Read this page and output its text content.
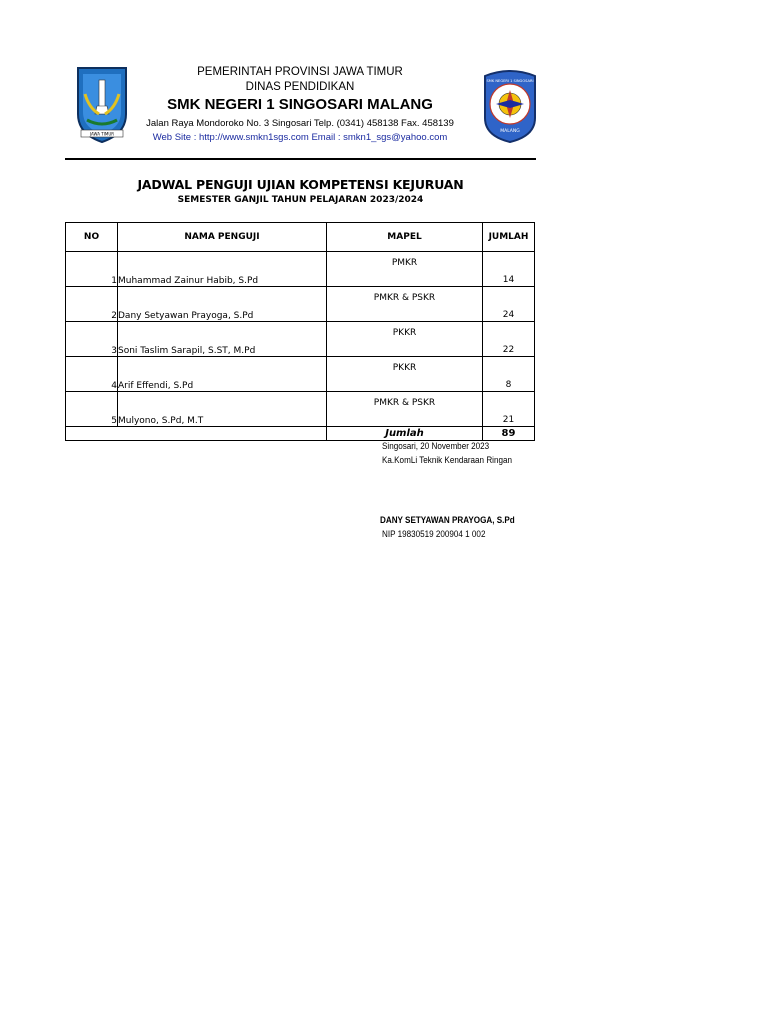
JAWA TIMUR
SMK NEGERI 1 SINGOSARI
MALANG
PEMERINTAH PROVINSI JAWA TIMUR
DINAS PENDIDIKAN
SMK NEGERI 1 SINGOSARI MALANG
Jalan Raya Mondoroko No. 3 Singosari Telp. (0341) 458138 Fax. 458139
Web Site : http://www.smkn1sgs.com Email : smkn1_sgs@yahoo.com
JADWAL PENGUJI UJIAN KOMPETENSI KEJURUAN
SEMESTER GANJIL TAHUN PELAJARAN 2023/2024
NO	NAMA PENGUJI	MAPEL	JUMLAH
1	Muhammad Zainur Habib, S.Pd	PMKR	14
2	Dany Setyawan Prayoga, S.Pd	PMKR & PSKR	24
3	Soni Taslim Sarapil, S.ST, M.Pd	PKKR	22
4	Arif Effendi, S.Pd	PKKR	8
5	Mulyono, S.Pd, M.T	PMKR & PSKR	21
		Jumlah	89
Singosari, 20 November 2023
Ka.KomLi Teknik Kendaraan Ringan
DANY SETYAWAN PRAYOGA, S.Pd
NIP 19830519 200904 1 002
